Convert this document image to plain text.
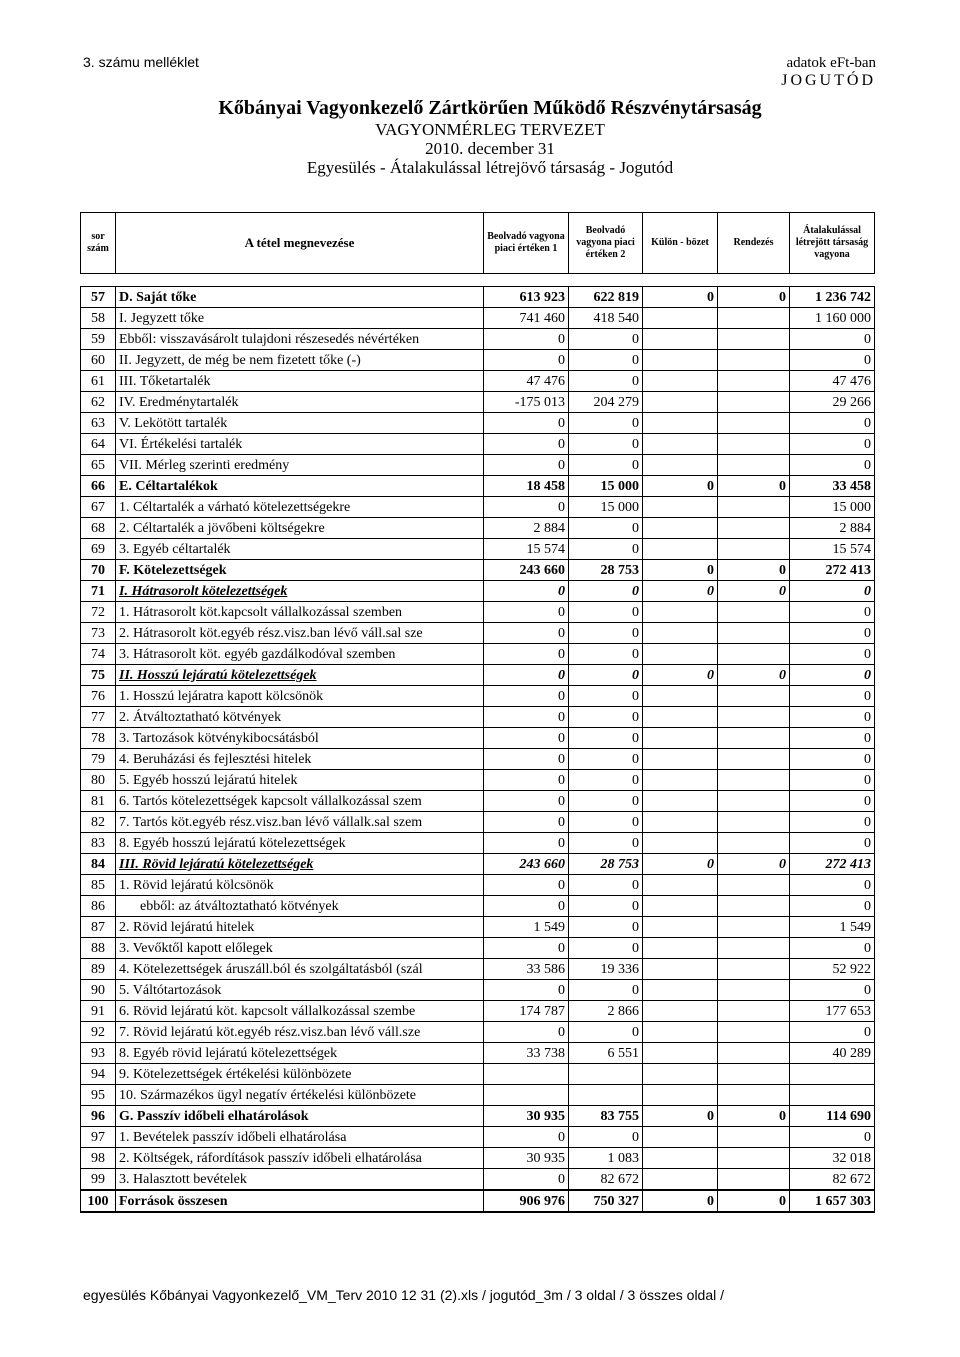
3. számu melléklet	adatok eFt-ban
JOGUTÓD
Kőbányai Vagyonkezelő Zártkörűen Működő Részvénytársaság
VAGYONMÉRLEG TERVEZET
2010. december 31
Egyesülés - Átalakulással létrejövő társaság - Jogutód
sor szám	A tétel megnevezése	Beolvadó vagyona piaci értéken 1	Beolvadó vagyona piaci értéken 2	Külön - bözet	Rendezés	Átalakulással létrejött társaság vagyona

57	D. Saját tőke	613 923	622 819	0	0	1 236 742
58	I. Jegyzett tőke	741 460	418 540			1 160 000
59	Ebből: visszavásárolt tulajdoni részesedés névértéken	0	0			0
60	II. Jegyzett, de még be nem fizetett tőke (-)	0	0			0
61	III. Tőketartalék	47 476	0			47 476
62	IV. Eredménytartalék	-175 013	204 279			29 266
63	V. Lekötött tartalék	0	0			0
64	VI. Értékelési tartalék	0	0			0
65	VII. Mérleg szerinti eredmény	0	0			0
66	E. Céltartalékok	18 458	15 000	0	0	33 458
67	1. Céltartalék a várható kötelezettségekre	0	15 000			15 000
68	2. Céltartalék a jövőbeni költségekre	2 884	0			2 884
69	3. Egyéb céltartalék	15 574	0			15 574
70	F. Kötelezettségek	243 660	28 753	0	0	272 413
71	I. Hátrasorolt kötelezettségek	0	0	0	0	0
72	1. Hátrasorolt köt.kapcsolt vállalkozással szemben	0	0			0
73	2. Hátrasorolt köt.egyéb rész.visz.ban lévő váll.sal sze	0	0			0
74	3. Hátrasorolt köt. egyéb gazdálkodóval szemben	0	0			0
75	II. Hosszú lejáratú kötelezettségek	0	0	0	0	0
76	1. Hosszú lejáratra kapott kölcsönök	0	0			0
77	2. Átváltoztatható kötvények	0	0			0
78	3. Tartozások kötvénykibocsátásból	0	0			0
79	4. Beruházási és fejlesztési hitelek	0	0			0
80	5. Egyéb hosszú lejáratú hitelek	0	0			0
81	6. Tartós kötelezettségek kapcsolt vállalkozással szem	0	0			0
82	7. Tartós köt.egyéb rész.visz.ban lévő vállalk.sal szem	0	0			0
83	8. Egyéb hosszú lejáratú kötelezettségek	0	0			0
84	III. Rövid lejáratú kötelezettségek	243 660	28 753	0	0	272 413
85	1. Rövid lejáratú kölcsönök	0	0			0
86	ebből: az átváltoztatható kötvények	0	0			0
87	2. Rövid lejáratú hitelek	1 549	0			1 549
88	3. Vevőktől kapott előlegek	0	0			0
89	4. Kötelezettségek áruszáll.ból és szolgáltatásból (szál	33 586	19 336			52 922
90	5. Váltótartozások	0	0			0
91	6. Rövid lejáratú köt. kapcsolt vállalkozással szembe	174 787	2 866			177 653
92	7. Rövid lejáratú köt.egyéb rész.visz.ban lévő váll.sze	0	0			0
93	8. Egyéb rövid lejáratú kötelezettségek	33 738	6 551			40 289
94	9. Kötelezettségek értékelési különbözete					
95	10. Származékos ügyl negatív értékelési különbözete					
96	G. Passzív időbeli elhatárolások	30 935	83 755	0	0	114 690
97	1. Bevételek passzív időbeli elhatárolása	0	0			0
98	2. Költségek, ráfordítások passzív időbeli elhatárolása	30 935	1 083			32 018
99	3. Halasztott bevételek	0	82 672			82 672
100	Források összesen	906 976	750 327	0	0	1 657 303
egyesülés Kőbányai Vagyonkezelő_VM_Terv 2010 12 31 (2).xls / jogutód_3m / 3 oldal / 3 összes oldal /
